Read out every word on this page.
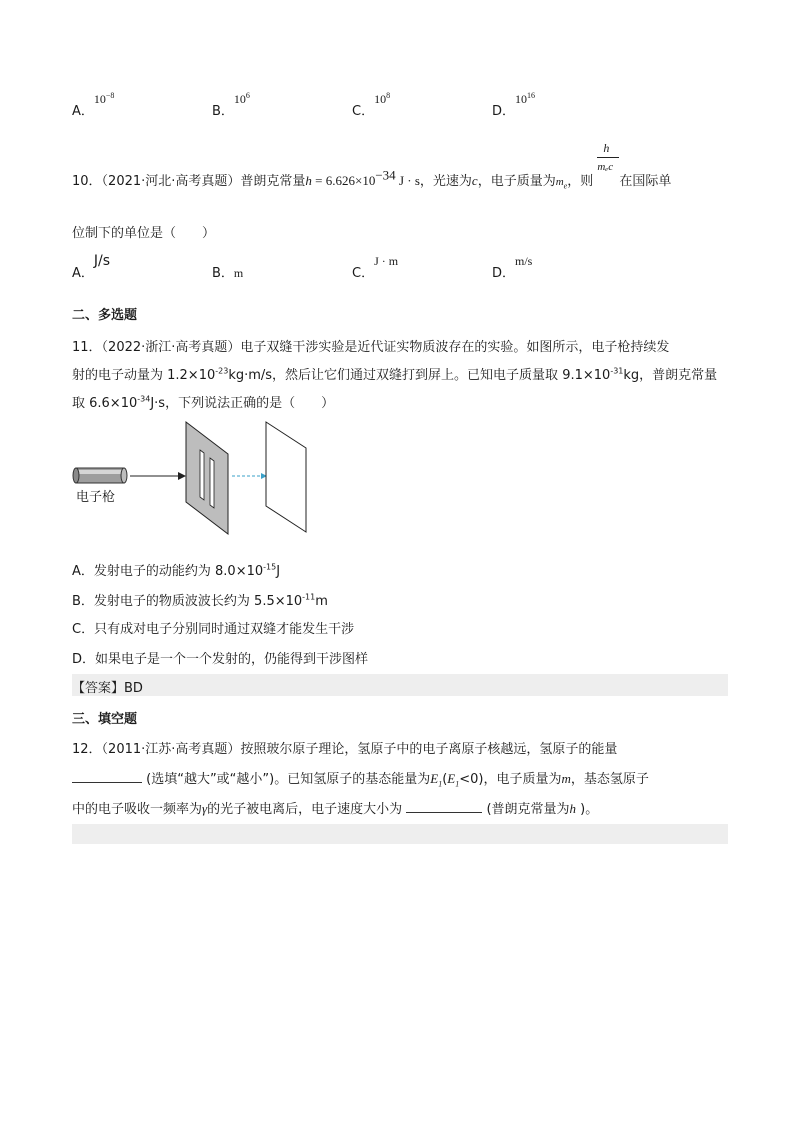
A．$10^{-8}$
B．$10^6$
C．$10^8$
D．$10^{16}$
10．（2021·河北·高考真题）普朗克常量$h = 6.626\times 10^{-34}$ J · s，光速为c，电子质量为$m_e$，则 $\frac{h}{\text{mₑc}}$ 在国际单
位制下的单位是（　　）
A．J/s
B．m	C．J · m
D．m/s
二、多选题
11．（2022·浙江·高考真题）电子双缝干涉实验是近代证实物质波存在的实验。如图所示，电子枪持续发
射的电子动量为 $1.2\times 10^{-23}kg\cdot m/s$，然后让它们通过双缝打到屏上。已知电子质量取 $9.1\times 10^{-31}kg$，普朗克常量
取 $6.6\times 10^{-34}J\cdot s$，下列说法正确的是（　　）
电子枪
A．发射电子的动能约为 $8.0\times 10^{-15}J$
B．发射电子的物质波波长约为 $5.5\times 10^{-11}m$
C．只有成对电子分别同时通过双缝才能发生干涉
D．如果电子是一个一个发射的，仍能得到干涉图样
【答案】BD
三、填空题
12．（2011·江苏·高考真题）按照玻尔原子理论，氢原子中的电子离原子核越远，氢原子的能量
(选填“越大”或“越小”)。已知氢原子的基态能量为$E_1(E_1<0)$，电子质量为m，基态氢原子
中的电子吸收一频率为γ的光子被电离后，电子速度大小为	(普朗克常量为h )。
